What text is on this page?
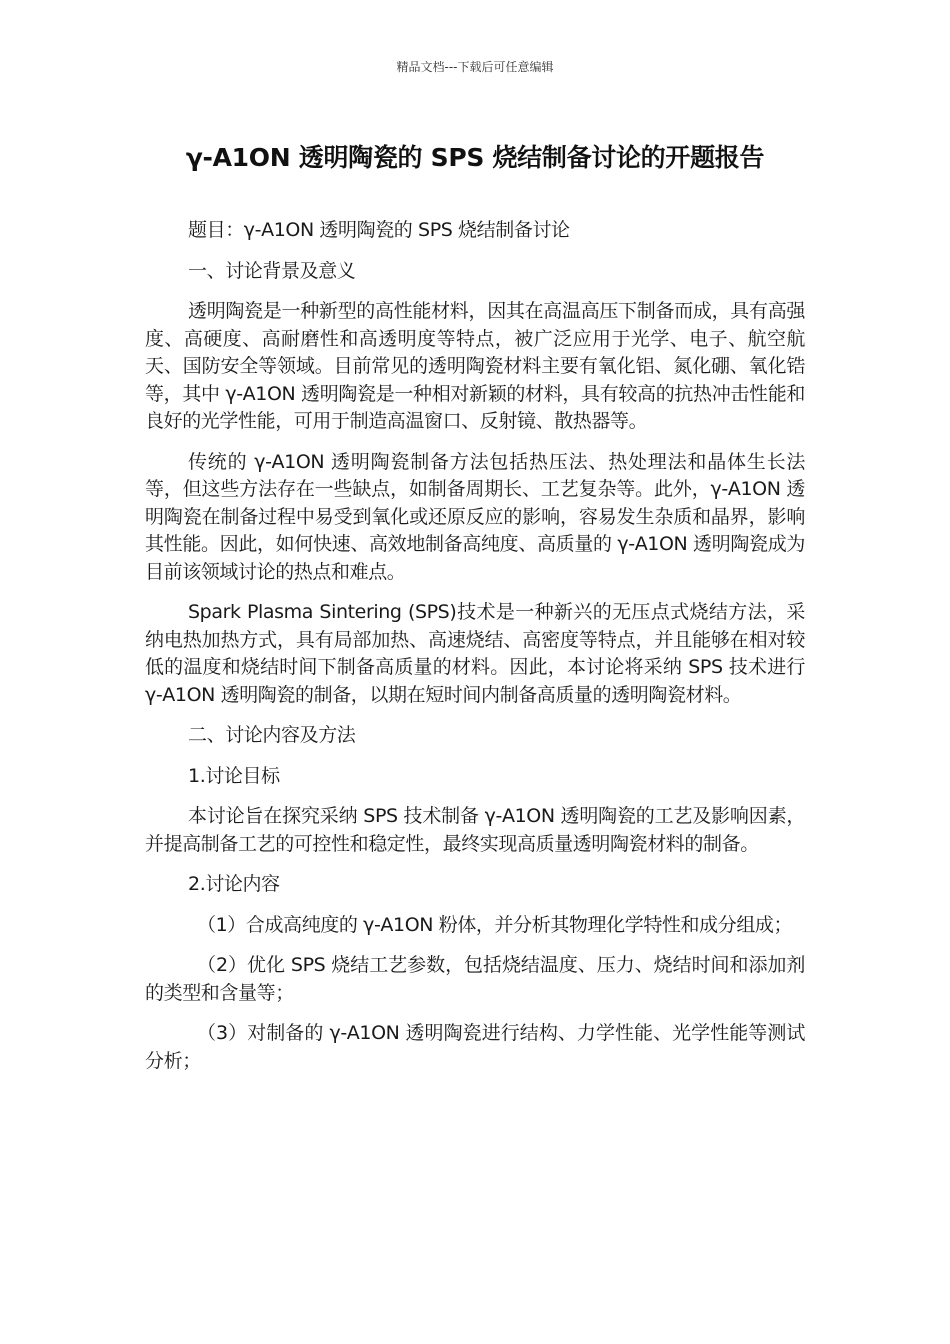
精品文档---下载后可任意编辑
γ-A1ON 透明陶瓷的 SPS 烧结制备讨论的开题报告

题目：γ-A1ON 透明陶瓷的 SPS 烧结制备讨论

一、讨论背景及意义

透明陶瓷是一种新型的高性能材料，因其在高温高压下制备而成，具有高强度、高硬度、高耐磨性和高透明度等特点，被广泛应用于光学、电子、航空航天、国防安全等领域。目前常见的透明陶瓷材料主要有氧化铝、氮化硼、氧化锆等，其中 γ-A1ON 透明陶瓷是一种相对新颖的材料，具有较高的抗热冲击性能和良好的光学性能，可用于制造高温窗口、反射镜、散热器等。

传统的 γ-A1ON 透明陶瓷制备方法包括热压法、热处理法和晶体生长法等，但这些方法存在一些缺点，如制备周期长、工艺复杂等。此外，γ-A1ON 透明陶瓷在制备过程中易受到氧化或还原反应的影响，容易发生杂质和晶界，影响其性能。因此，如何快速、高效地制备高纯度、高质量的 γ-A1ON 透明陶瓷成为目前该领域讨论的热点和难点。

Spark Plasma Sintering (SPS)技术是一种新兴的无压点式烧结方法，采纳电热加热方式，具有局部加热、高速烧结、高密度等特点，并且能够在相对较低的温度和烧结时间下制备高质量的材料。因此，本讨论将采纳 SPS 技术进行 γ-A1ON 透明陶瓷的制备，以期在短时间内制备高质量的透明陶瓷材料。

二、讨论内容及方法

1.讨论目标

本讨论旨在探究采纳 SPS 技术制备 γ-A1ON 透明陶瓷的工艺及影响因素，并提高制备工艺的可控性和稳定性，最终实现高质量透明陶瓷材料的制备。

2.讨论内容

（1）合成高纯度的 γ-A1ON 粉体，并分析其物理化学特性和成分组成；

（2）优化 SPS 烧结工艺参数，包括烧结温度、压力、烧结时间和添加剂的类型和含量等；

（3）对制备的 γ-A1ON 透明陶瓷进行结构、力学性能、光学性能等测试分析；
